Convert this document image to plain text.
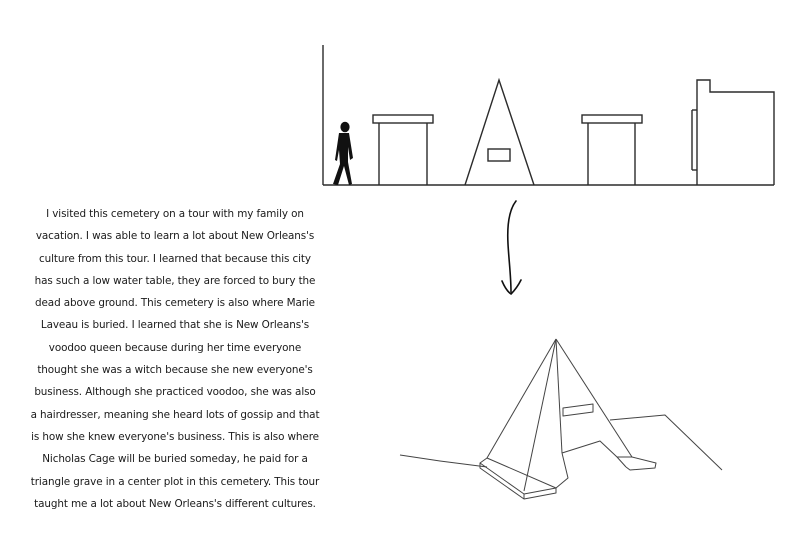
I visited this cemetery on a tour with my family on vacation. I was able to learn a lot about New Orleans's culture from this tour. I learned that because this city has such a low water table, they are forced to bury the dead above ground. This cemetery is also where Marie Laveau is buried. I learned that she is New Orleans's voodoo queen because during her time everyone thought she was a witch because she new everyone's business. Although she practiced voodoo, she was also a hairdresser, meaning she heard lots of gossip and that is how she knew everyone's business. This is also where Nicholas Cage will be buried someday, he paid for a triangle grave in a center plot in this cemetery. This tour taught me a lot about New Orleans's different cultures.
